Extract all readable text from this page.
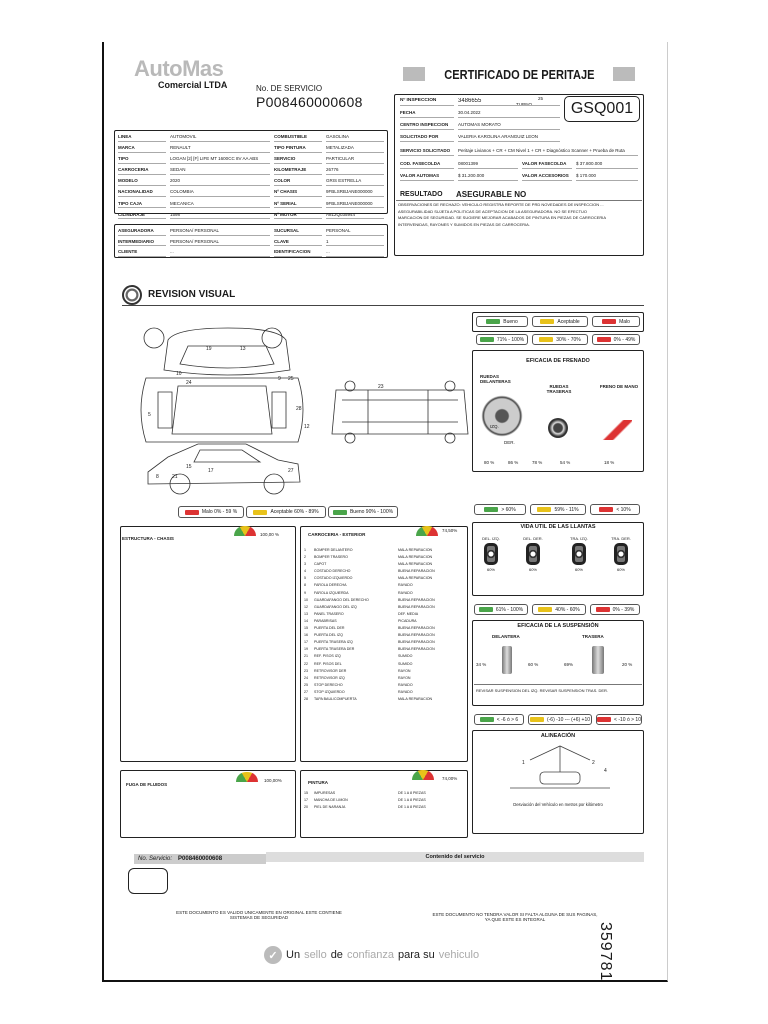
AutoMas
Comercial LTDA	No. DE SERVICIO
P008460000608
CERTIFICADO DE PERITAJE
GSQ001
TURNO
25
Nº INSPECCION	3486655
FECHA	30.04.2022
CENTRO INSPECCION	AUTOMAS MORATO
SOLICITADO POR	VALERIA KAROLINA ARANGUIZ LEON
SERVICIO SOLICITADO	Peritaje Livianos + CR + CM Nivel 1 + CR + Diagnóstico Scanner + Prueba de Ruta
COD. FASECOLDA	08001399	VALOR FASECOLDA	$ 37.800.000
VALOR AUTOMAS	$ 31.200.000	VALOR ACCESORIOS	$ 170.000
RESULTADO ASEGURABLE NO
OBSERVACIONES DE RECHAZO: VEHICULO REGISTRA REPORTE DE PRD NOVEDADES DE INSPECCION ... ASEGURABILIDAD SUJETA A POLITICAS DE ACEPTACION DE LA ASEGURADORA. NO SE EFECTUO MARCACION DE SEGURIDAD. SE SUGIERE MEJORAR ACABADOS DE PINTURA EN PIEZAS DE CARROCERIA INTERVENIDAS, RAYONES Y SUMIDOS EN PIEZAS DE CARROCERIA.
LINEA	AUTOMOVIL	COMBUSTIBLE	GASOLINA
MARCA	RENAULT	TIPO PINTURA	METALIZADA
TIPO	LOGAN [2] [F] LIFE MT 1600CC 8V AA ABS	SERVICIO	PARTICULAR
CARROCERIA	SEDAN	KILOMETRAJE	26776
MODELO	2020	COLOR	GRIS ESTRELLA
NACIONALIDAD	COLOMBIA	Nº CHASIS	9FBLSRBJANE000000
TIPO CAJA	MECANICA	Nº SERIAL	9FBLSRBJANE000000
CILINDRAJE	1598	Nº MOTOR	A812Q035944
ASEGURADORA	PERSONA/ PERSONAL	SUCURSAL	PERSONAL
INTERMEDIARIO	PERSONA/ PERSONAL	CLAVE	1
CLIENTE	...	IDENTIFICACION	...
REVISION VISUAL
10
19	13
24
9 25
5
28
12
21
15
17	27
8
23
Bueno	Aceptable	Malo
71% - 100%	30% - 70%	0% - 49%
EFICACIA DE FRENADO
RUEDAS DELANTERAS
RUEDAS TRASERAS
FRENO DE MANO
IZQ.
DER.
80 %	86 %	78 %	54 %	18 %
Malo 0% - 59 %	Aceptable 60% - 89%	Bueno 90% - 100%	> 60%	59% - 11%	< 10%
VIDA UTIL DE LAS LLANTAS
DEL. IZQ.
60%
DEL. DER.
60%
TRA. IZQ.
60%
TRA. DER.
60%
61% - 100%	40% - 60%	0% - 39%
EFICACIA DE LA SUSPENSIÓN
DELANTERA	TRASERA
34 %	60 %	69%	20 %
REVISAR SUSPENSION DEL IZQ. REVISAR SUSPENSION TRAS. DER.
< -6 ó > 6	(-6) -10 --- (+6) +10	< -10 ó > 10
ALINEACIÓN
1	2
4
Desviación del Vehículo en metros por kilómetro
ESTRUCTURA - CHASIS
100,00 %	CARROCERIA - EXTERIOR
74,50%
1	BOMPER DELANTERO	MALA REPARACION
2	BOMPER TRASERO	MALA REPARACION
3	CAPOT	MALA REPARACION
4	COSTADO DERECHO	BUENA REPARACION
5	COSTADO IZQUIERDO	MALA REPARACION
8	FAROLA DERECHA	RAYADO
9	FAROLA IZQUIERDA	RAYADO
10	GUARDAFANGO DEL DERECHO	BUENA REPARACION
12	GUARDAFANGO DEL IZQ	BUENA REPARACION
13	PANEL TRASERO	DEF. MEDIA
14	PARABRISAS	PICADURA
15	PUERTA DEL DER	BUENA REPARACION
16	PUERTA DEL IZQ	BUENA REPARACION
17	PUERTA TRASERA IZQ	BUENA REPARACION
19	PUERTA TRASERA DER	BUENA REPARACION
21	REF. PISOS IZQ	SUMIDO
22	REF. PISOS DEL	SUMIDO
23	RETROVISOR DER	RAYON
24	RETROVISOR IZQ	RAYON
25	STOP DERECHO	RAYADO
27	STOP IZQUIERDO	RAYADO
28	TAPA BAUL/COMPUERTA	MALA REPARACION
FUGA DE FLUIDOS
100,00%	PINTURA
74,00%
15	IMPURESAS	DE 1 A 8 PIEZAS
17	MANCHA DE LIMON	DE 1 A 8 PIEZAS
20	PIEL DE NARANJA	DE 1 A 8 PIEZAS
No. Servicio: P008460000608	Contenido del servicio
ESTE DOCUMENTO ES VALIDO UNICAMENTE EN ORIGINAL ESTE CONTIENE SISTEMAS DE SEGURIDAD
ESTE DOCUMENTO NO TENDRA VALOR SI FALTA ALGUNA DE SUS PAGINAS, YA QUE ESTE ES INTEGRAL
✓ Un sello de confianza para su vehiculo	359781
